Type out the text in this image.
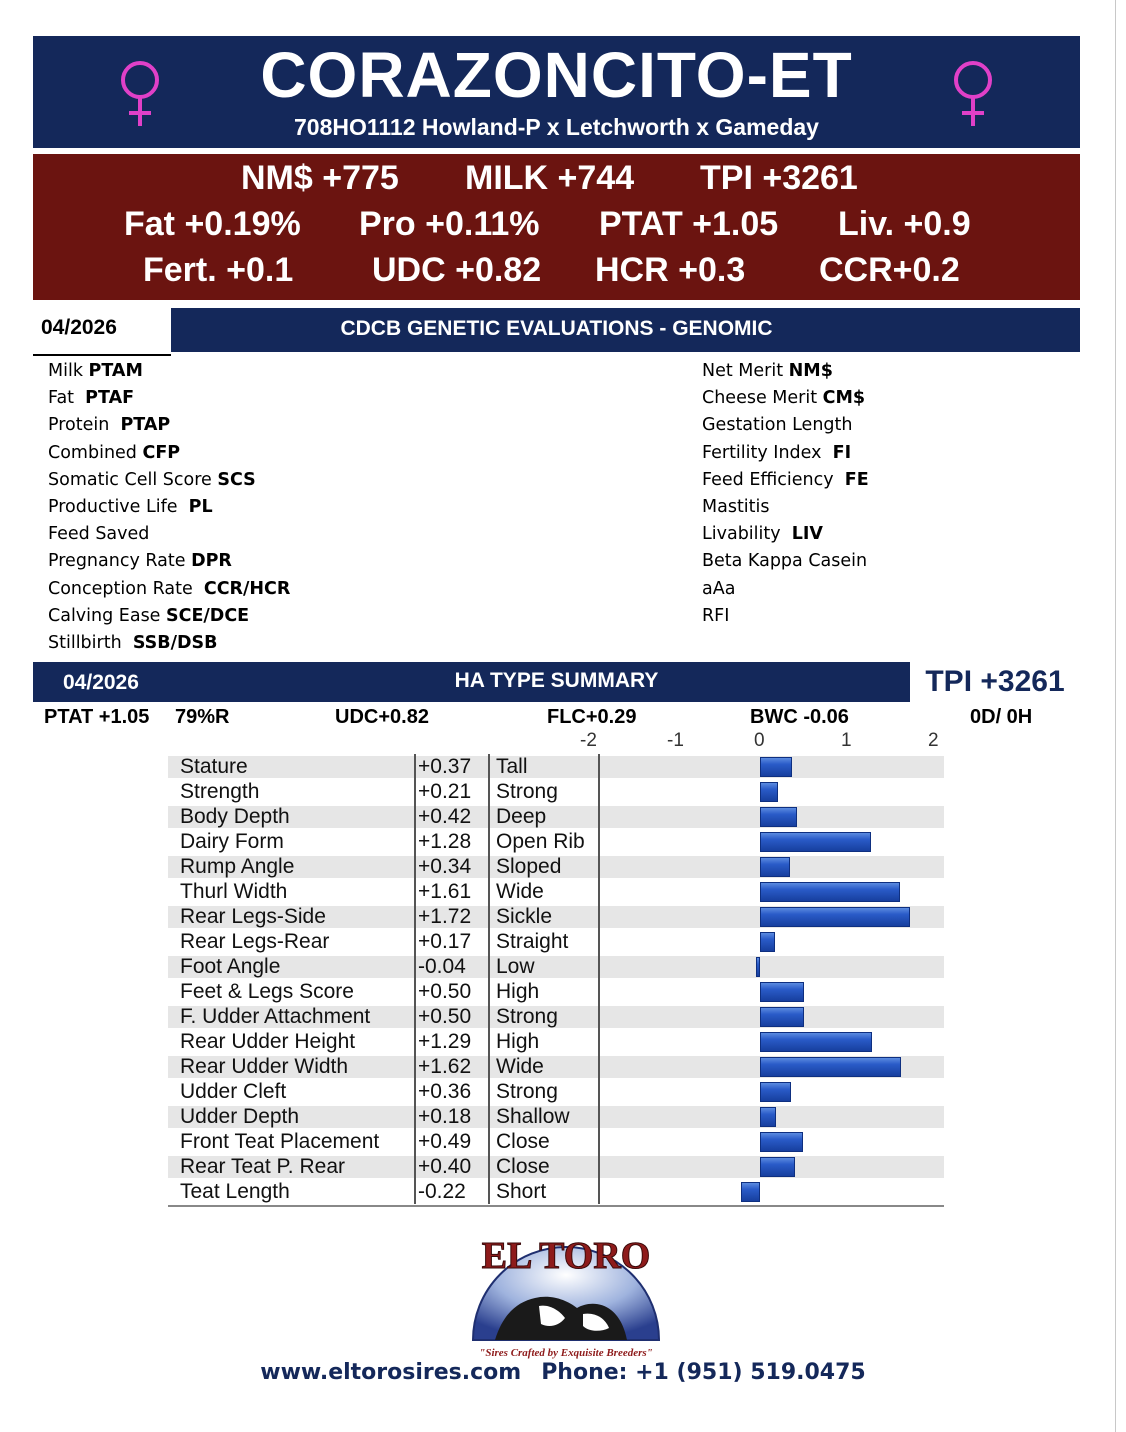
CORAZONCITO-ET
708HO1112 Howland-P x Letchworth x Gameday
NM$ +775 MILK +744 TPI +3261
Fat +0.19% Pro +0.11% PTAT +1.05 Liv. +0.9
Fert. +0.1 UDC +0.82 HCR +0.3 CCR+0.2
04/2026	CDCB GENETIC EVALUATIONS - GENOMIC
Milk PTAM
Fat  PTAF
Protein  PTAP
Combined CFP
Somatic Cell Score SCS
Productive Life  PL
Feed Saved
Pregnancy Rate DPR
Conception Rate  CCR/HCR
Calving Ease SCE/DCE
Stillbirth  SSB/DSB
Net Merit NM$
Cheese Merit CM$
Gestation Length
Fertility Index  FI
Feed Efficiency  FE
Mastitis
Livability  LIV
Beta Kappa Casein
aAa
RFI
04/2026	HA TYPE SUMMARY	TPI +3261
PTAT +1.05 79%R	UDC+0.82	FLC+0.29	BWC -0.06	0D/ 0H
-2	-1	0	1	2
Stature	+0.37 Tall
Strength	+0.21 Strong
Body Depth	+0.42 Deep
Dairy Form	+1.28 Open Rib
Rump Angle	+0.34 Sloped
Thurl Width	+1.61 Wide
Rear Legs-Side	+1.72 Sickle
Rear Legs-Rear	+0.17 Straight
Foot Angle	-0.04 Low
Feet & Legs Score	+0.50 High
F. Udder Attachment +0.50 Strong
Rear Udder Height	+1.29 High
Rear Udder Width	+1.62 Wide
Udder Cleft	+0.36 Strong
Udder Depth	+0.18 Shallow
Front Teat Placement +0.49 Close
Rear Teat P. Rear	+0.40 Close
Teat Length	-0.22 Short
EL TORO
"Sires Crafted by Exquisite Breeders"
www.eltorosires.com Phone: +1 (951) 519.0475
